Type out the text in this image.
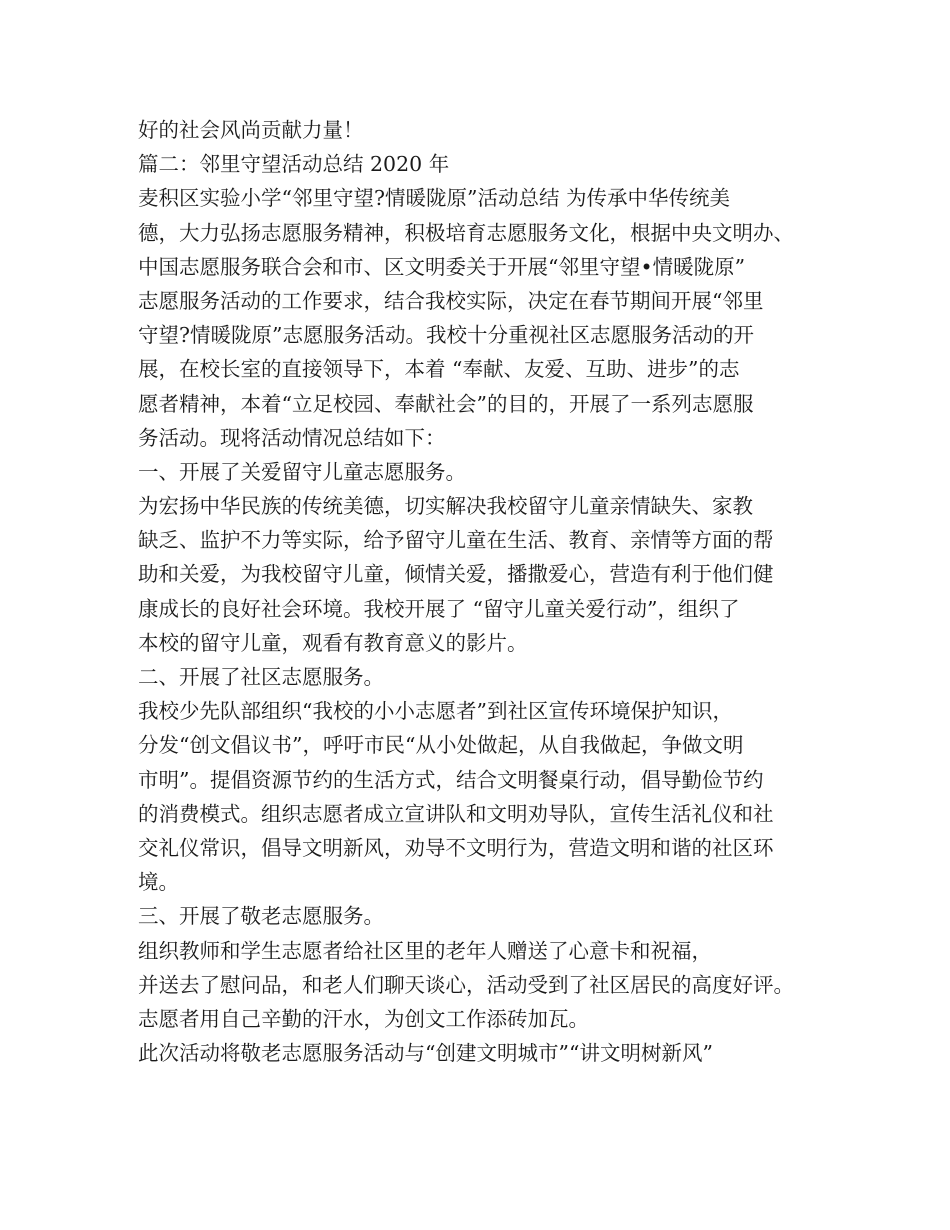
好的社会风尚贡献力量！
篇二：邻里守望活动总结 2020 年
麦积区实验小学“邻里守望?情暖陇原”活动总结 为传承中华传统美
德，大力弘扬志愿服务精神，积极培育志愿服务文化，根据中央文明办、
中国志愿服务联合会和市、区文明委关于开展“邻里守望•情暖陇原”
志愿服务活动的工作要求，结合我校实际，决定在春节期间开展“邻里
守望?情暖陇原”志愿服务活动。我校十分重视社区志愿服务活动的开
展，在校长室的直接领导下，本着 “奉献、友爱、互助、进步”的志
愿者精神，本着“立足校园、奉献社会”的目的，开展了一系列志愿服
务活动。现将活动情况总结如下：
一、开展了关爱留守儿童志愿服务。
为宏扬中华民族的传统美德，切实解决我校留守儿童亲情缺失、家教
缺乏、监护不力等实际，给予留守儿童在生活、教育、亲情等方面的帮
助和关爱，为我校留守儿童，倾情关爱，播撒爱心，营造有利于他们健
康成长的良好社会环境。我校开展了 “留守儿童关爱行动”，组织了
本校的留守儿童，观看有教育意义的影片。
二、开展了社区志愿服务。
我校少先队部组织“我校的小小志愿者”到社区宣传环境保护知识，
分发“创文倡议书”，呼吁市民“从小处做起，从自我做起，争做文明
市明”。提倡资源节约的生活方式，结合文明餐桌行动，倡导勤俭节约
的消费模式。组织志愿者成立宣讲队和文明劝导队，宣传生活礼仪和社
交礼仪常识，倡导文明新风，劝导不文明行为，营造文明和谐的社区环
境。
三、开展了敬老志愿服务。
组织教师和学生志愿者给社区里的老年人赠送了心意卡和祝福，
并送去了慰问品，和老人们聊天谈心，活动受到了社区居民的高度好评。
志愿者用自己辛勤的汗水，为创文工作添砖加瓦。
此次活动将敬老志愿服务活动与“创建文明城市”“讲文明树新风”
